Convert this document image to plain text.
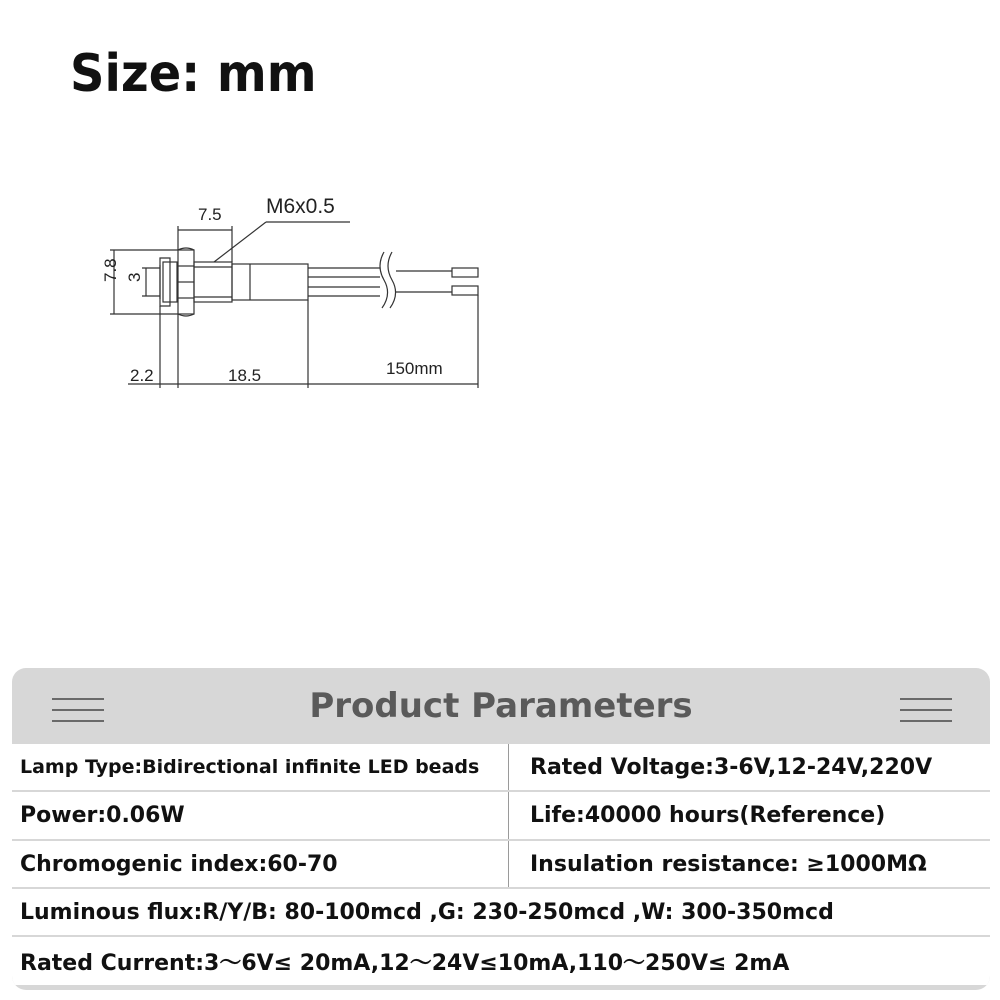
Size: mm
7.5 M6x0.5
7.8 3
2.2	18.5	150mm
Product Parameters
Lamp Type:Bidirectional infinite LED beads	Rated Voltage:3-6V,12-24V,220V
Power:0.06W	Life:40000 hours(Reference)
Chromogenic index:60-70	Insulation resistance: ≥1000MΩ
Luminous flux:R/Y/B: 80-100mcd ,G: 230-250mcd ,W: 300-350mcd
Rated Current:3～6V≤ 20mA,12～24V≤10mA,110～250V≤ 2mA
